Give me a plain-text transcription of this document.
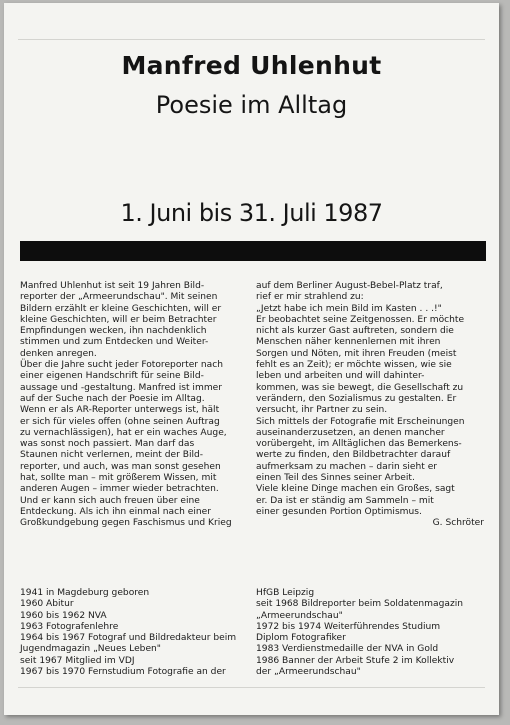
Manfred Uhlenhut
Poesie im Alltag
1. Juni bis 31. Juli 1987

Manfred Uhlenhut ist seit 19 Jahren Bild-

reporter der „Armeerundschau". Mit seinen

Bildern erzählt er kleine Geschichten, will er

kleine Geschichten, will er beim Betrachter

Empfindungen wecken, ihn nachdenklich

stimmen und zum Entdecken und Weiter-

denken anregen.

Über die Jahre sucht jeder Fotoreporter nach

einer eigenen Handschrift für seine Bild-

aussage und -gestaltung. Manfred ist immer

auf der Suche nach der Poesie im Alltag.

Wenn er als AR-Reporter unterwegs ist, hält

er sich für vieles offen (ohne seinen Auftrag

zu vernachlässigen), hat er ein waches Auge,

was sonst noch passiert. Man darf das

Staunen nicht verlernen, meint der Bild-

reporter, und auch, was man sonst gesehen

hat, sollte man – mit größerem Wissen, mit

anderen Augen – immer wieder betrachten.

Und er kann sich auch freuen über eine

Entdeckung. Als ich ihn einmal nach einer

Großkundgebung gegen Faschismus und Krieg

auf dem Berliner August-Bebel-Platz traf,

rief er mir strahlend zu:

„Jetzt habe ich mein Bild im Kasten . . .!"

Er beobachtet seine Zeitgenossen. Er möchte

nicht als kurzer Gast auftreten, sondern die

Menschen näher kennenlernen mit ihren

Sorgen und Nöten, mit ihren Freuden (meist

fehlt es an Zeit); er möchte wissen, wie sie

leben und arbeiten und will dahinter-

kommen, was sie bewegt, die Gesellschaft zu

verändern, den Sozialismus zu gestalten. Er

versucht, ihr Partner zu sein.

Sich mittels der Fotografie mit Erscheinungen

auseinanderzusetzen, an denen mancher

vorübergeht, im Alltäglichen das Bemerkens-

werte zu finden, den Bildbetrachter darauf

aufmerksam zu machen – darin sieht er

einen Teil des Sinnes seiner Arbeit.

Viele kleine Dinge machen ein Großes, sagt

er. Da ist er ständig am Sammeln – mit

einer gesunden Portion Optimismus.

G. Schröter

1941 in Magdeburg geboren

1960 Abitur

1960 bis 1962 NVA

1963 Fotografenlehre

1964 bis 1967 Fotograf und Bildredakteur beim

Jugendmagazin „Neues Leben"

seit 1967 Mitglied im VDJ

1967 bis 1970 Fernstudium Fotografie an der

HfGB Leipzig

seit 1968 Bildreporter beim Soldatenmagazin

„Armeerundschau"

1972 bis 1974 Weiterführendes Studium

Diplom Fotografiker

1983 Verdienstmedaille der NVA in Gold

1986 Banner der Arbeit Stufe 2 im Kollektiv

der „Armeerundschau"
